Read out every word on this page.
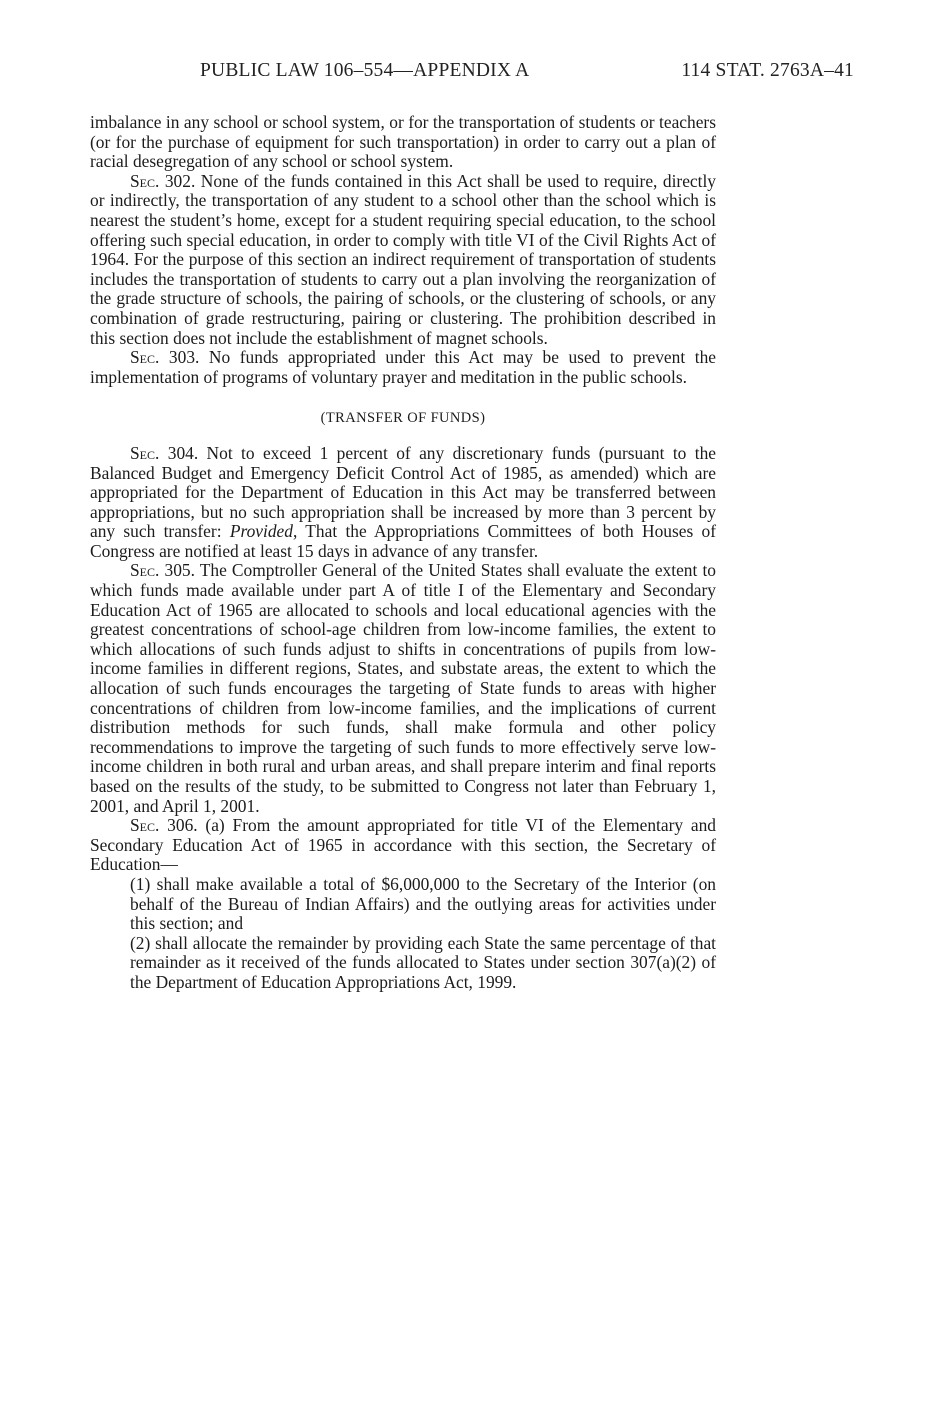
PUBLIC LAW 106–554—APPENDIX A	114 STAT. 2763A–41

imbalance in any school or school system, or for the transportation of students or teachers (or for the purchase of equipment for such transportation) in order to carry out a plan of racial desegregation of any school or school system.

Sec. 302. None of the funds contained in this Act shall be used to require, directly or indirectly, the transportation of any student to a school other than the school which is nearest the student’s home, except for a student requiring special education, to the school offering such special education, in order to comply with title VI of the Civil Rights Act of 1964. For the purpose of this section an indirect requirement of transportation of students includes the transportation of students to carry out a plan involving the reorganization of the grade structure of schools, the pairing of schools, or the clustering of schools, or any combination of grade restructuring, pairing or clustering. The prohibition described in this section does not include the establishment of magnet schools.

Sec. 303. No funds appropriated under this Act may be used to prevent the implementation of programs of voluntary prayer and meditation in the public schools.

(TRANSFER OF FUNDS)

Sec. 304. Not to exceed 1 percent of any discretionary funds (pursuant to the Balanced Budget and Emergency Deficit Control Act of 1985, as amended) which are appropriated for the Department of Education in this Act may be transferred between appropriations, but no such appropriation shall be increased by more than 3 percent by any such transfer: Provided, That the Appropriations Committees of both Houses of Congress are notified at least 15 days in advance of any transfer.

Sec. 305. The Comptroller General of the United States shall evaluate the extent to which funds made available under part A of title I of the Elementary and Secondary Education Act of 1965 are allocated to schools and local educational agencies with the greatest concentrations of school-age children from low-income families, the extent to which allocations of such funds adjust to shifts in concentrations of pupils from low-income families in different regions, States, and substate areas, the extent to which the allocation of such funds encourages the targeting of State funds to areas with higher concentrations of children from low-income families, and the implications of current distribution methods for such funds, shall make formula and other policy recommendations to improve the targeting of such funds to more effectively serve low-income children in both rural and urban areas, and shall prepare interim and final reports based on the results of the study, to be submitted to Congress not later than February 1, 2001, and April 1, 2001.

Sec. 306. (a) From the amount appropriated for title VI of the Elementary and Secondary Education Act of 1965 in accordance with this section, the Secretary of Education—

(1) shall make available a total of $6,000,000 to the Secretary of the Interior (on behalf of the Bureau of Indian Affairs) and the outlying areas for activities under this section; and

(2) shall allocate the remainder by providing each State the same percentage of that remainder as it received of the funds allocated to States under section 307(a)(2) of the Department of Education Appropriations Act, 1999.
